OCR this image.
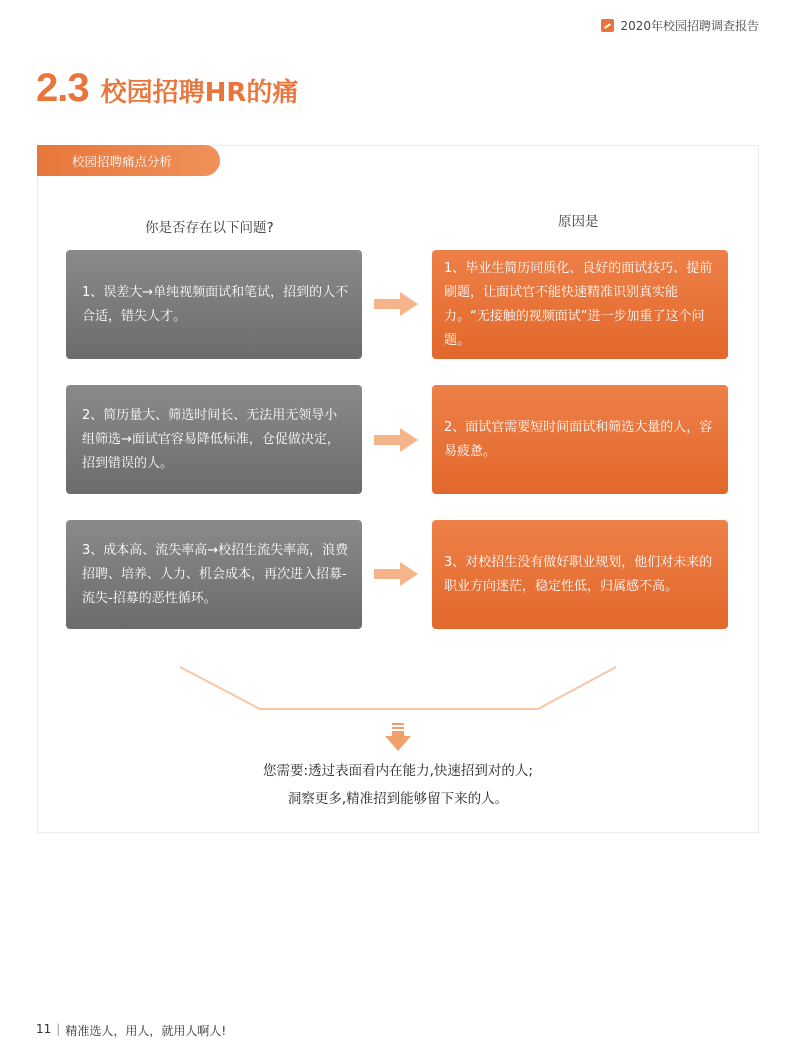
2020年校园招聘调查报告
2.3 校园招聘HR的痛
校园招聘痛点分析
你是否存在以下问题?	原因是
1、误差大→单纯视频面试和笔试，招到的人不合适，错失人才。
1、毕业生简历同质化、良好的面试技巧、提前刷题，让面试官不能快速精准识别真实能力。“无接触的视频面试”进一步加重了这个问题。
2、简历量大、筛选时间长、无法用无领导小组筛选→面试官容易降低标准，仓促做决定，招到错误的人。
2、面试官需要短时间面试和筛选大量的人，容易疲惫。
3、成本高、流失率高→校招生流失率高，浪费招聘、培养、人力、机会成本，再次进入招募-流失-招募的恶性循环。
3、对校招生没有做好职业规划，他们对未来的职业方向迷茫，稳定性低，归属感不高。
您需要:透过表面看内在能力,快速招到对的人;
洞察更多,精准招到能够留下来的人。
11 | 精准选人，用人，就用人啊人!
